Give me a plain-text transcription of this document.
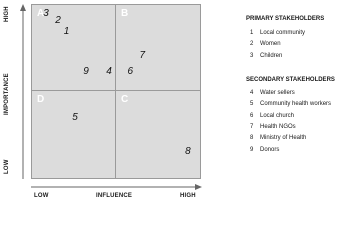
HIGH
IMPORTANCE
LOW
A	B
D	C
3
2
1
9 4 6
7
5
8
LOW	INFLUENCE	HIGH
PRIMARY STAKEHOLDERS
1 Local community
2 Women
3 Children
SECONDARY STAKEHOLDERS
4 Water sellers
5 Community health workers
6 Local church
7 Health NGOs
8 Ministry of Health
9 Donors
